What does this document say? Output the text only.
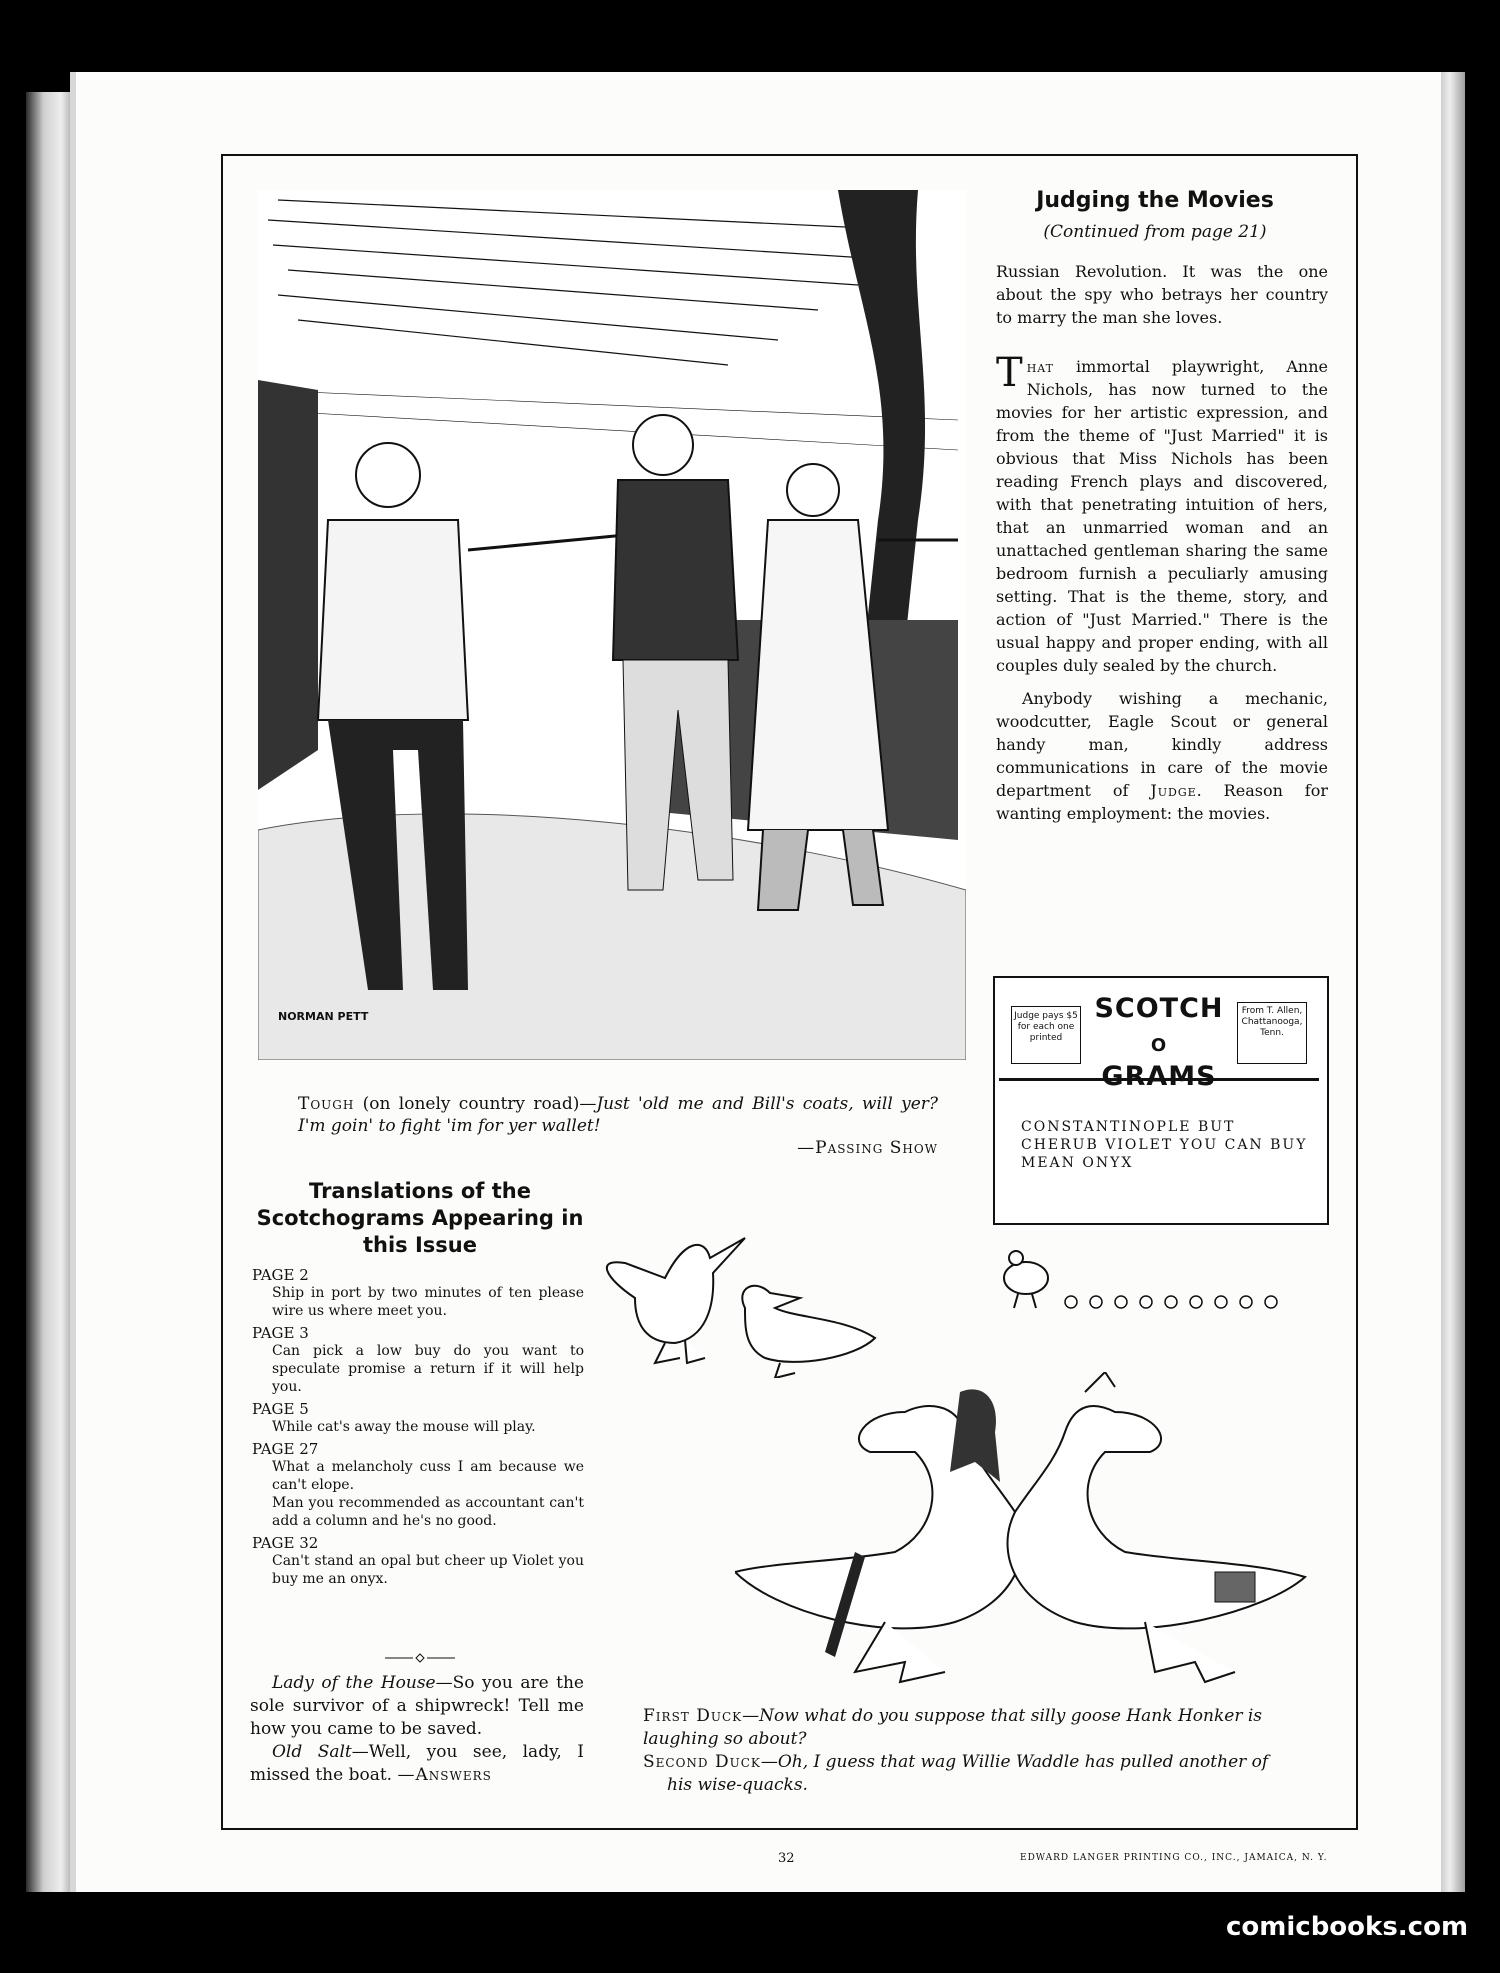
NORMAN PETT
Tough (on lonely country road)—Just 'old me and Bill's coats, will yer? I'm goin' to fight 'im for yer wallet!
—Passing Show
Judging the Movies
(Continued from page 21)

Russian Revolution. It was the one about the spy who betrays her country to marry the man she loves.

That immortal playwright, Anne Nichols, has now turned to the movies for her artistic expression, and from the theme of "Just Married" it is obvious that Miss Nichols has been reading French plays and discovered, with that penetrating intuition of hers, that an unmarried woman and an unattached gentleman sharing the same bedroom furnish a peculiarly amusing setting. That is the theme, story, and action of "Just Married." There is the usual happy and proper ending, with all couples duly sealed by the church.

Anybody wishing a mechanic, woodcutter, Eagle Scout or general handy man, kindly address communications in care of the movie department of Judge. Reason for wanting employment: the movies.

Judge pays $5 for each one printed
SCOTCH
O
GRAMS
From T. Allen, Chattanooga, Tenn.
CONSTANTINOPLE BUT CHERUB VIOLET YOU CAN BUY MEAN ONYX
Translations of the Scotchograms Appearing in this Issue
PAGE 2
Ship in port by two minutes of ten please wire us where meet you.
PAGE 3
Can pick a low buy do you want to speculate promise a return if it will help you.
PAGE 5
While cat's away the mouse will play.
PAGE 27
What a melancholy cuss I am because we can't elope.
Man you recommended as accountant can't add a column and he's no good.
PAGE 32
Can't stand an opal but cheer up Violet you buy me an onyx.

Lady of the House—So you are the sole survivor of a shipwreck! Tell me how you came to be saved.

Old Salt—Well, you see, lady, I missed the boat. —Answers

First Duck—Now what do you suppose that silly goose Hank Honker is laughing so about?

Second Duck—Oh, I guess that wag Willie Waddle has pulled another of his wise-quacks.

32	EDWARD LANGER PRINTING CO., INC., JAMAICA, N. Y.
comicbooks.com
